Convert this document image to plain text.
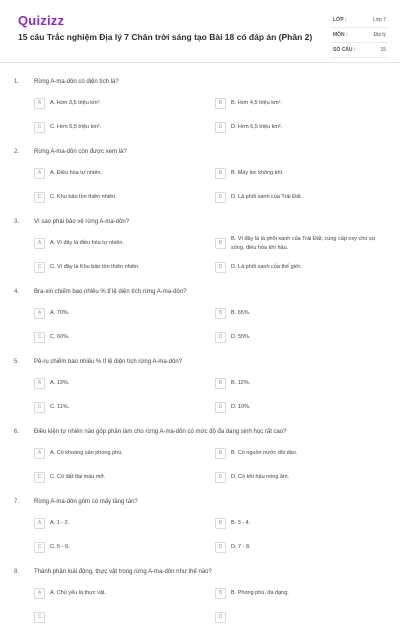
Quizizz
15 câu Trắc nghiệm Địa lý 7 Chân trời sáng tạo Bài 18 có đáp án (Phần 2)
LỚP :	Lớp 7
MÔN :	Địa lý
SỐ CÂU :	15
1. Rừng A-ma-dôn có diện tích là?
A	A. Hơn 3,5 triệu km².	B	B. Hơn 4,5 triệu km².
C	C. Hơn 5,5 triệu km².	D	D. Hơn 6,5 triệu km².
2. Rừng A-ma-dôn còn được xem là?
A	A. Điều hòa tự nhiên.	B	B. Máy lọc không khí.
C	C. Khu bảo tồn thiên nhiên.	D	D. Lá phổi xanh của Trái Đất.
3. Vì sao phải bảo vệ rừng A-ma-dôn?
A	A. Vì đây là điều hòa tự nhiên.	B
B. Vì đây là lá phổi xanh của Trái Đất, cung cấp oxy cho sự sống, điều hòa khí hậu.
C	C. Vì đây là Khu bảo tồn thiên nhiên.	D	D. Lá phổi xanh của thế giới.
4. Bra-xin chiếm bao nhiêu % tỉ lệ diện tích rừng A-ma-dôn?
A	A. 70%.	B	B. 65%.
C	C. 60%.	D	D. 55%.
5. Pê-ru chiếm bao nhiêu % tỉ lệ diện tích rừng A-ma-dôn?
A	A. 13%.	B	B. 12%.
C	C. 11%.	D	D. 10%.
6. Điều kiện tự nhiên nào góp phần làm cho rừng A-ma-dôn có mức độ đa dạng sinh học rất cao?
A	A. Có khoáng sản phong phú.	B	B. Có nguồn nước dồi dào.
C	C. Có đất đai màu mỡ.	D	D. Có khí hậu nóng ẩm.
7. Rừng A-ma-dôn gồm có mấy tầng tán?
A	A. 1 - 2.	B	B. 3 - 4.
C	C. 5 - 6.	D	D. 7 - 8.
8. Thành phần loài động, thực vật trong rừng A-ma-dôn như thế nào?
A	A. Chủ yếu là thực vật.	B	B. Phong phú, đa dạng.
C	D
